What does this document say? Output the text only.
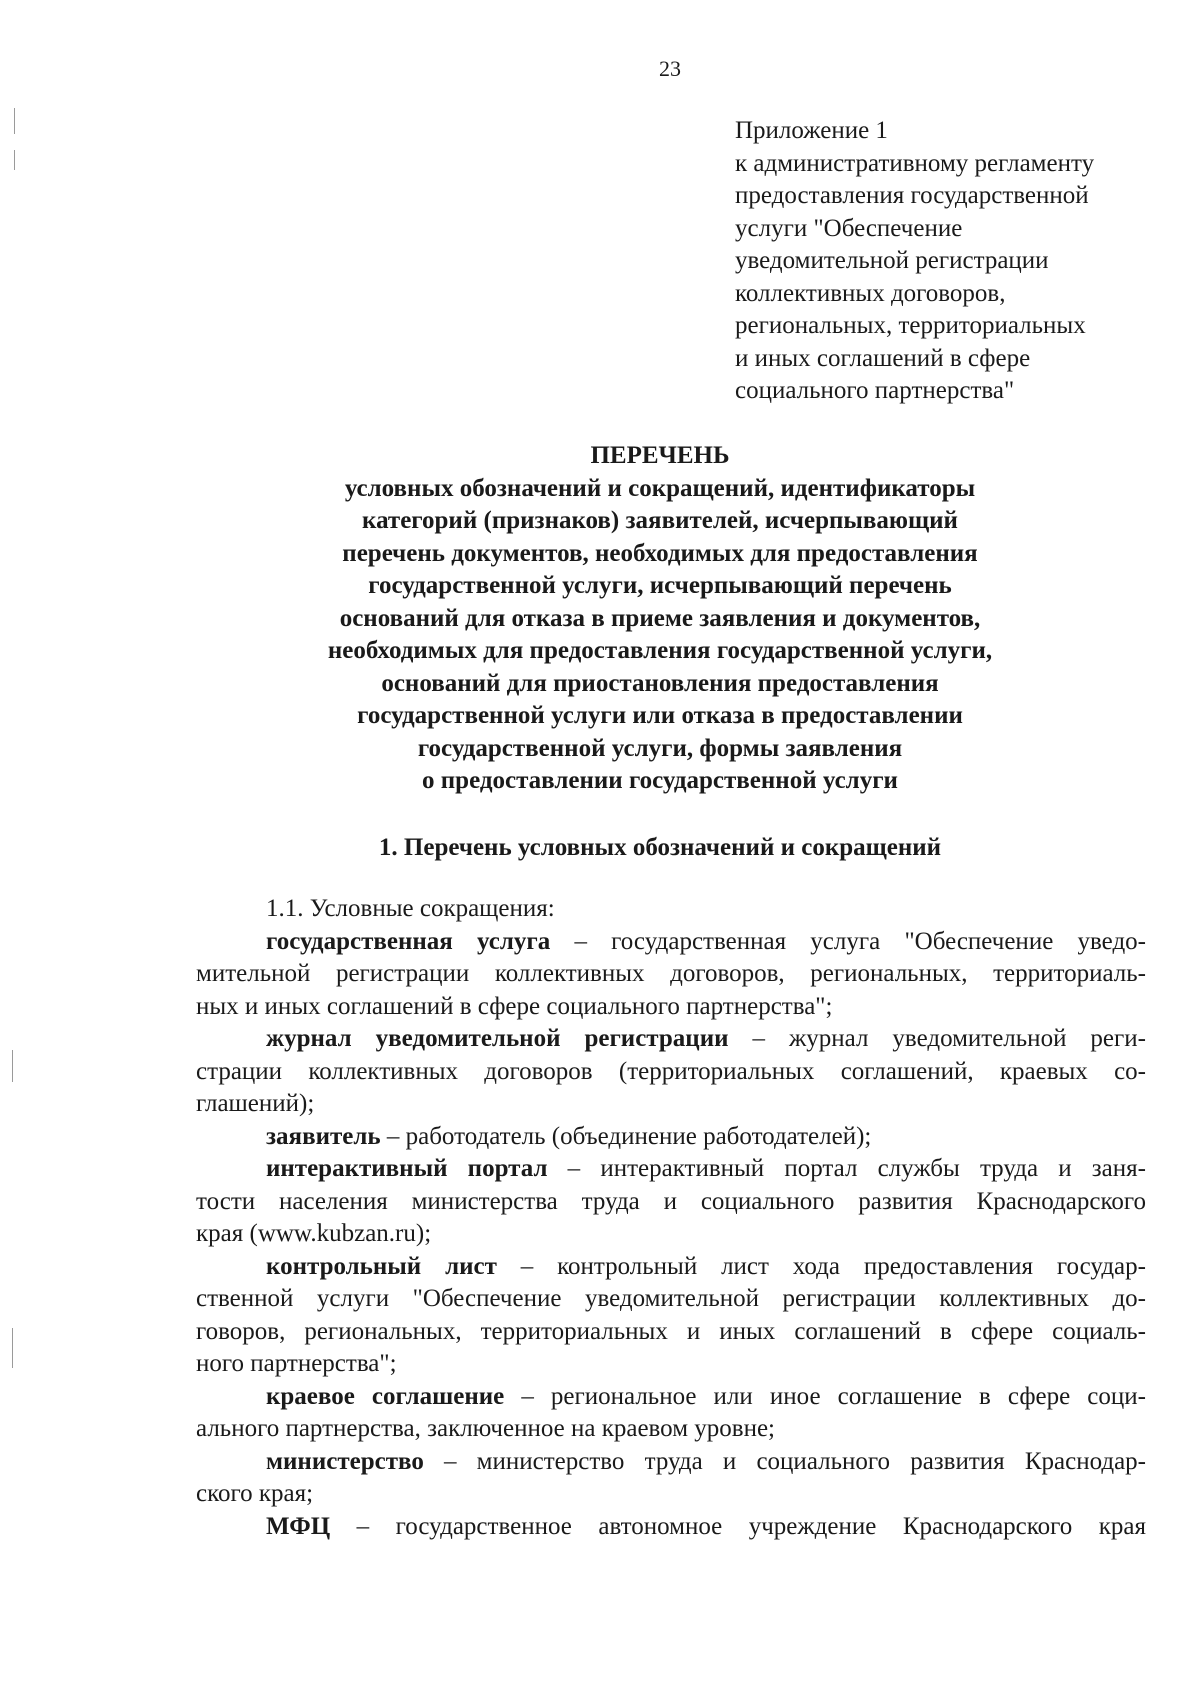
23
Приложение 1
к административному регламенту
предоставления государственной
услуги "Обеспечение
уведомительной регистрации
коллективных договоров,
региональных, территориальных
и иных соглашений в сфере
социального партнерства"
ПЕРЕЧЕНЬ
условных обозначений и сокращений, идентификаторы
категорий (признаков) заявителей, исчерпывающий
перечень документов, необходимых для предоставления
государственной услуги, исчерпывающий перечень
оснований для отказа в приеме заявления и документов,
необходимых для предоставления государственной услуги,
оснований для приостановления предоставления
государственной услуги или отказа в предоставлении
государственной услуги, формы заявления
о предоставлении государственной услуги
1. Перечень условных обозначений и сокращений
1.1. Условные сокращения:
государственная услуга – государственная услуга "Обеспечение уведо-
мительной регистрации коллективных договоров, региональных, территориаль-
ных и иных соглашений в сфере социального партнерства";
журнал уведомительной регистрации – журнал уведомительной реги-
страции коллективных договоров (территориальных соглашений, краевых со-
глашений);
заявитель – работодатель (объединение работодателей);
интерактивный портал – интерактивный портал службы труда и заня-
тости населения министерства труда и социального развития Краснодарского
края (www.kubzan.ru);
контрольный лист – контрольный лист хода предоставления государ-
ственной услуги "Обеспечение уведомительной регистрации коллективных до-
говоров, региональных, территориальных и иных соглашений в сфере социаль-
ного партнерства";
краевое соглашение – региональное или иное соглашение в сфере соци-
ального партнерства, заключенное на краевом уровне;
министерство – министерство труда и социального развития Краснодар-
ского края;
МФЦ – государственное автономное учреждение Краснодарского края
